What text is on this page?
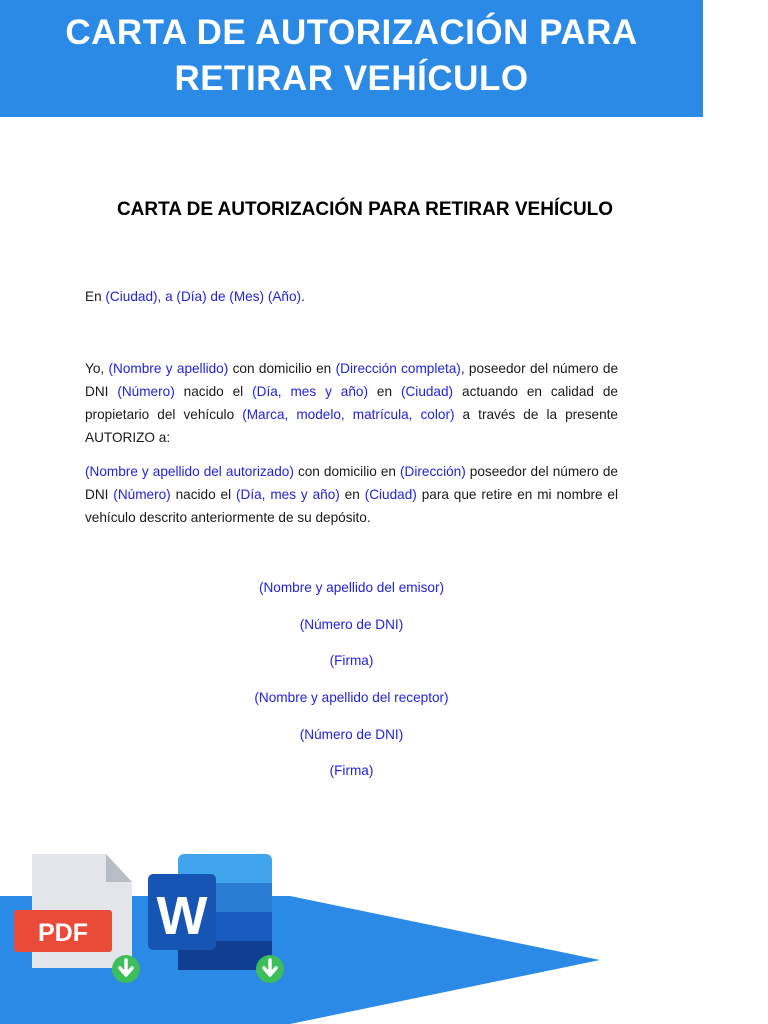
CARTA DE AUTORIZACIÓN PARA
RETIRAR VEHÍCULO
CARTA DE AUTORIZACIÓN PARA RETIRAR VEHÍCULO

En (Ciudad), a (Día) de (Mes) (Año).

Yo, (Nombre y apellido) con domicilio en (Dirección completa), poseedor del número de DNI (Número) nacido el (Día, mes y año) en (Ciudad) actuando en calidad de propietario del vehículo (Marca, modelo, matrícula, color) a través de la presente AUTORIZO a:

(Nombre y apellido del autorizado) con domicilio en (Dirección) poseedor del número de DNI (Número) nacido el (Día, mes y año) en (Ciudad) para que retire en mi nombre el vehículo descrito anteriormente de su depósito.

(Nombre y apellido del emisor)

(Número de DNI)

(Firma)

(Nombre y apellido del receptor)

(Número de DNI)

(Firma)

PDF W
